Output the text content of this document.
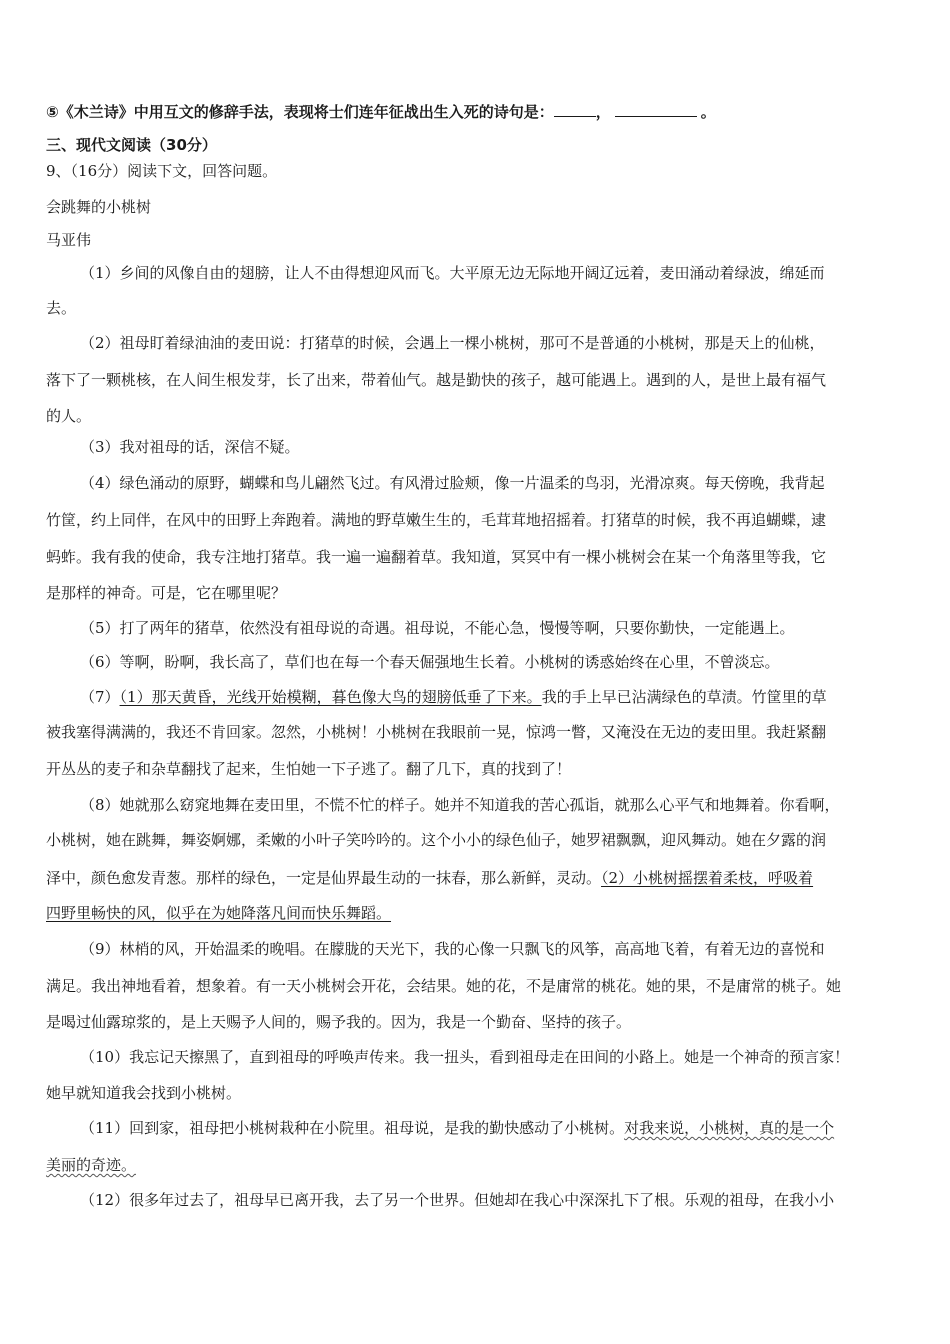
⑤《木兰诗》中用互文的修辞手法，表现将士们连年征战出生入死的诗句是：	，	。
三、现代文阅读（30分）
9、（16分）阅读下文，回答问题。
会跳舞的小桃树
马亚伟
（1）乡间的风像自由的翅膀，让人不由得想迎风而飞。大平原无边无际地开阔辽远着，麦田涌动着绿波，绵延而
去。
（2）祖母盯着绿油油的麦田说：打猪草的时候，会遇上一棵小桃树，那可不是普通的小桃树，那是天上的仙桃，
落下了一颗桃核，在人间生根发芽，长了出来，带着仙气。越是勤快的孩子，越可能遇上。遇到的人，是世上最有福气
的人。
（3）我对祖母的话，深信不疑。
（4）绿色涌动的原野，蝴蝶和鸟儿翩然飞过。有风滑过脸颊，像一片温柔的鸟羽，光滑凉爽。每天傍晚，我背起
竹筐，约上同伴，在风中的田野上奔跑着。满地的野草嫩生生的，毛茸茸地招摇着。打猪草的时候，我不再追蝴蝶，逮
蚂蚱。我有我的使命，我专注地打猪草。我一遍一遍翻着草。我知道，冥冥中有一棵小桃树会在某一个角落里等我，它
是那样的神奇。可是，它在哪里呢？
（5）打了两年的猪草，依然没有祖母说的奇遇。祖母说，不能心急，慢慢等啊，只要你勤快，一定能遇上。
（6）等啊，盼啊，我长高了，草们也在每一个春天倔强地生长着。小桃树的诱惑始终在心里，不曾淡忘。
（7）（1）那天黄昏，光线开始模糊，暮色像大鸟的翅膀低垂了下来。我的手上早已沾满绿色的草渍。竹筐里的草
被我塞得满满的，我还不肯回家。忽然，小桃树！小桃树在我眼前一晃，惊鸿一瞥，又淹没在无边的麦田里。我赶紧翻
开丛丛的麦子和杂草翻找了起来，生怕她一下子逃了。翻了几下，真的找到了！
（8）她就那么窈窕地舞在麦田里，不慌不忙的样子。她并不知道我的苦心孤诣，就那么心平气和地舞着。你看啊，
小桃树，她在跳舞，舞姿婀娜，柔嫩的小叶子笑吟吟的。这个小小的绿色仙子，她罗裙飘飘，迎风舞动。她在夕露的润
泽中，颜色愈发青葱。那样的绿色，一定是仙界最生动的一抹春，那么新鲜，灵动。（2）小桃树摇摆着柔枝，呼吸着
四野里畅快的风，似乎在为她降落凡间而快乐舞蹈。
（9）林梢的风，开始温柔的晚唱。在朦胧的天光下，我的心像一只飘飞的风筝，高高地飞着，有着无边的喜悦和
满足。我出神地看着，想象着。有一天小桃树会开花，会结果。她的花，不是庸常的桃花。她的果，不是庸常的桃子。她
是喝过仙露琼浆的，是上天赐予人间的，赐予我的。因为，我是一个勤奋、坚持的孩子。
（10）我忘记天擦黑了，直到祖母的呼唤声传来。我一扭头，看到祖母走在田间的小路上。她是一个神奇的预言家！
她早就知道我会找到小桃树。
（11）回到家，祖母把小桃树栽种在小院里。祖母说，是我的勤快感动了小桃树。对我来说，小桃树，真的是一个
美丽的奇迹。
（12）很多年过去了，祖母早已离开我，去了另一个世界。但她却在我心中深深扎下了根。乐观的祖母，在我小小
